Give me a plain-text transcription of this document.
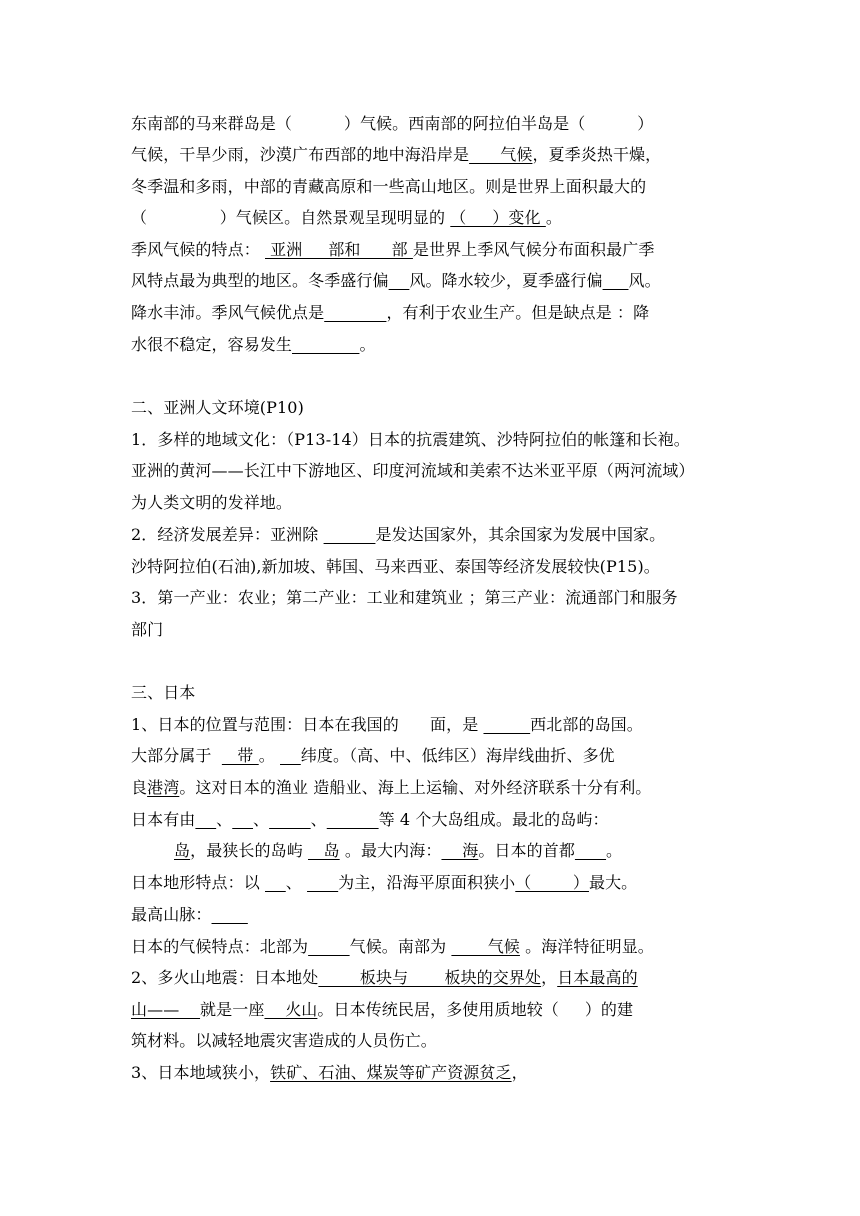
东南部的马来群岛是（          ）气候。西南部的阿拉伯半岛是（          ）
气候，干旱少雨，沙漠广布西部的地中海沿岸是      气候，夏季炎热干燥，
冬季温和多雨，中部的青藏高原和一些高山地区。则是世界上面积最大的
（              ）气候区。自然景观呈现明显的 （     ）变化 。
季风气候的特点：  亚洲     部和      部 是世界上季风气候分布面积最广季
风特点最为典型的地区。冬季盛行偏 风。降水较少，夏季盛行偏 风。
降水丰沛。季风气候优点是	，有利于农业生产。但是缺点是 ：降
水很不稳定，容易发生	。
二、亚洲人文环境(P10)
1．多样的地域文化：（P13-14）日本的抗震建筑、沙特阿拉伯的帐篷和长袍。
亚洲的黄河——长江中下游地区、印度河流域和美索不达米亚平原（两河流域）
为人类文明的发祥地。
2．经济发展差异：亚洲除	是发达国家外，其余国家为发展中国家。
沙特阿拉伯(石油),新加坡、韩国、马来西亚、泰国等经济发展较快(P15)。
3．第一产业：农业；第二产业：工业和建筑业 ；第三产业：流通部门和服务
部门
三、日本
1、日本的位置与范围：日本在我国的      面，是	西北部的岛国。
大部分属于     带 。     纬度。（高、中、低纬区）海岸线曲折、多优
良港湾。这对日本的渔业 造船业、海上上运输、对外经济联系十分有利。
日本有由 、 、	、	等 4 个大岛组成。最北的岛屿：
岛，最狭长的岛屿    岛 。最大内海：    海。日本的首都 。
日本地形特点：以     、       为主，沿海平原面积狭小（        ）最大。
最高山脉：
日本的气候特点：北部为	气候。南部为        气候 。海洋特征明显。
2、多火山地震：日本地处        板块与       板块的交界处，日本最高的
山——    就是一座    火山。日本传统民居，多使用质地较（     ）的建
筑材料。以减轻地震灾害造成的人员伤亡。
3、日本地域狭小，铁矿、石油、煤炭等矿产资源贫乏，
